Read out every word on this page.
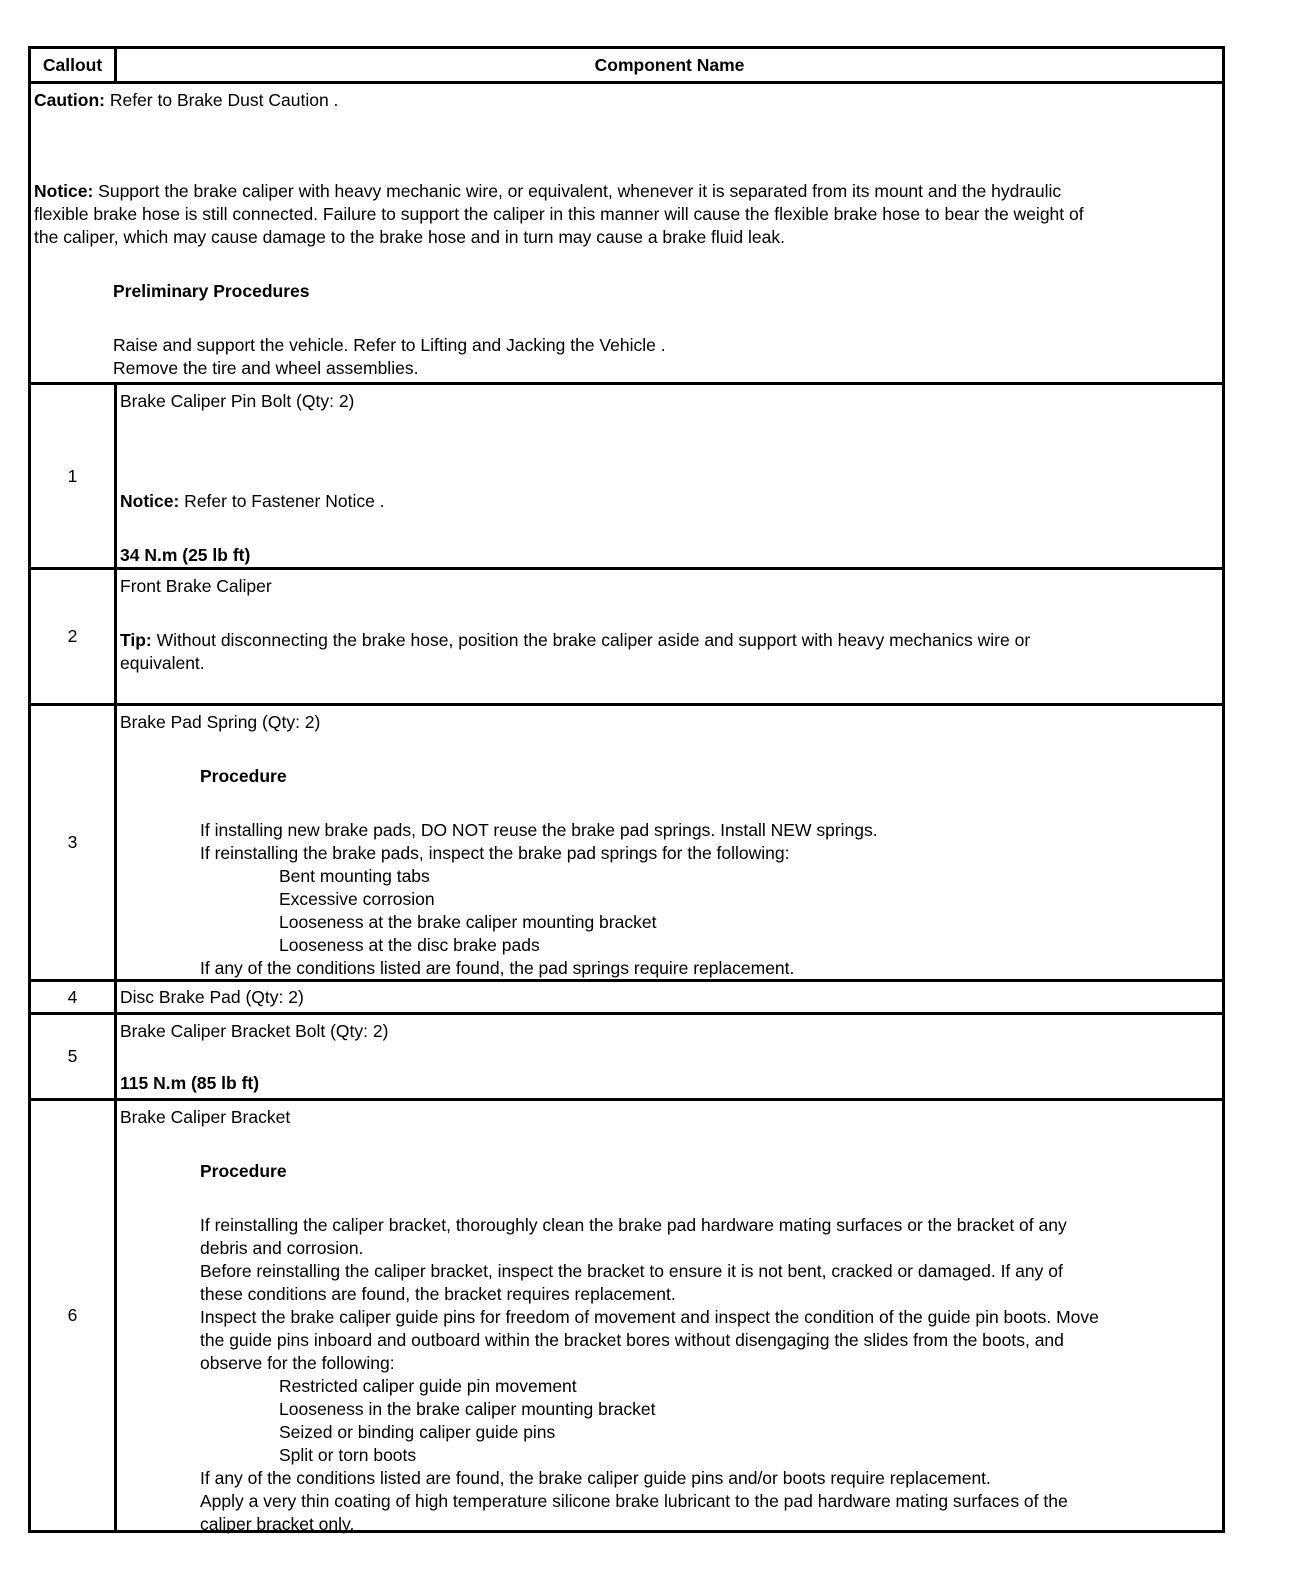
Callout	Component Name
Caution: Refer to Brake Dust Caution .
Notice: Support the brake caliper with heavy mechanic wire, or equivalent, whenever it is separated from its mount and the hydraulic
flexible brake hose is still connected. Failure to support the caliper in this manner will cause the flexible brake hose to bear the weight of
the caliper, which may cause damage to the brake hose and in turn may cause a brake fluid leak.
Preliminary Procedures
Raise and support the vehicle. Refer to Lifting and Jacking the Vehicle .
Remove the tire and wheel assemblies.
1
Brake Caliper Pin Bolt (Qty: 2)
Notice: Refer to Fastener Notice .
34 N.m (25 lb ft)
2
Front Brake Caliper
Tip: Without disconnecting the brake hose, position the brake caliper aside and support with heavy mechanics wire or
equivalent.
3
Brake Pad Spring (Qty: 2)
Procedure
If installing new brake pads, DO NOT reuse the brake pad springs. Install NEW springs.
If reinstalling the brake pads, inspect the brake pad springs for the following:
Bent mounting tabs
Excessive corrosion
Looseness at the brake caliper mounting bracket
Looseness at the disc brake pads
If any of the conditions listed are found, the pad springs require replacement.
4 Disc Brake Pad (Qty: 2)
5
Brake Caliper Bracket Bolt (Qty: 2)
115 N.m (85 lb ft)
6
Brake Caliper Bracket
Procedure
If reinstalling the caliper bracket, thoroughly clean the brake pad hardware mating surfaces or the bracket of any
debris and corrosion.
Before reinstalling the caliper bracket, inspect the bracket to ensure it is not bent, cracked or damaged. If any of
these conditions are found, the bracket requires replacement.
Inspect the brake caliper guide pins for freedom of movement and inspect the condition of the guide pin boots. Move
the guide pins inboard and outboard within the bracket bores without disengaging the slides from the boots, and
observe for the following:
Restricted caliper guide pin movement
Looseness in the brake caliper mounting bracket
Seized or binding caliper guide pins
Split or torn boots
If any of the conditions listed are found, the brake caliper guide pins and/or boots require replacement.
Apply a very thin coating of high temperature silicone brake lubricant to the pad hardware mating surfaces of the
caliper bracket only.
